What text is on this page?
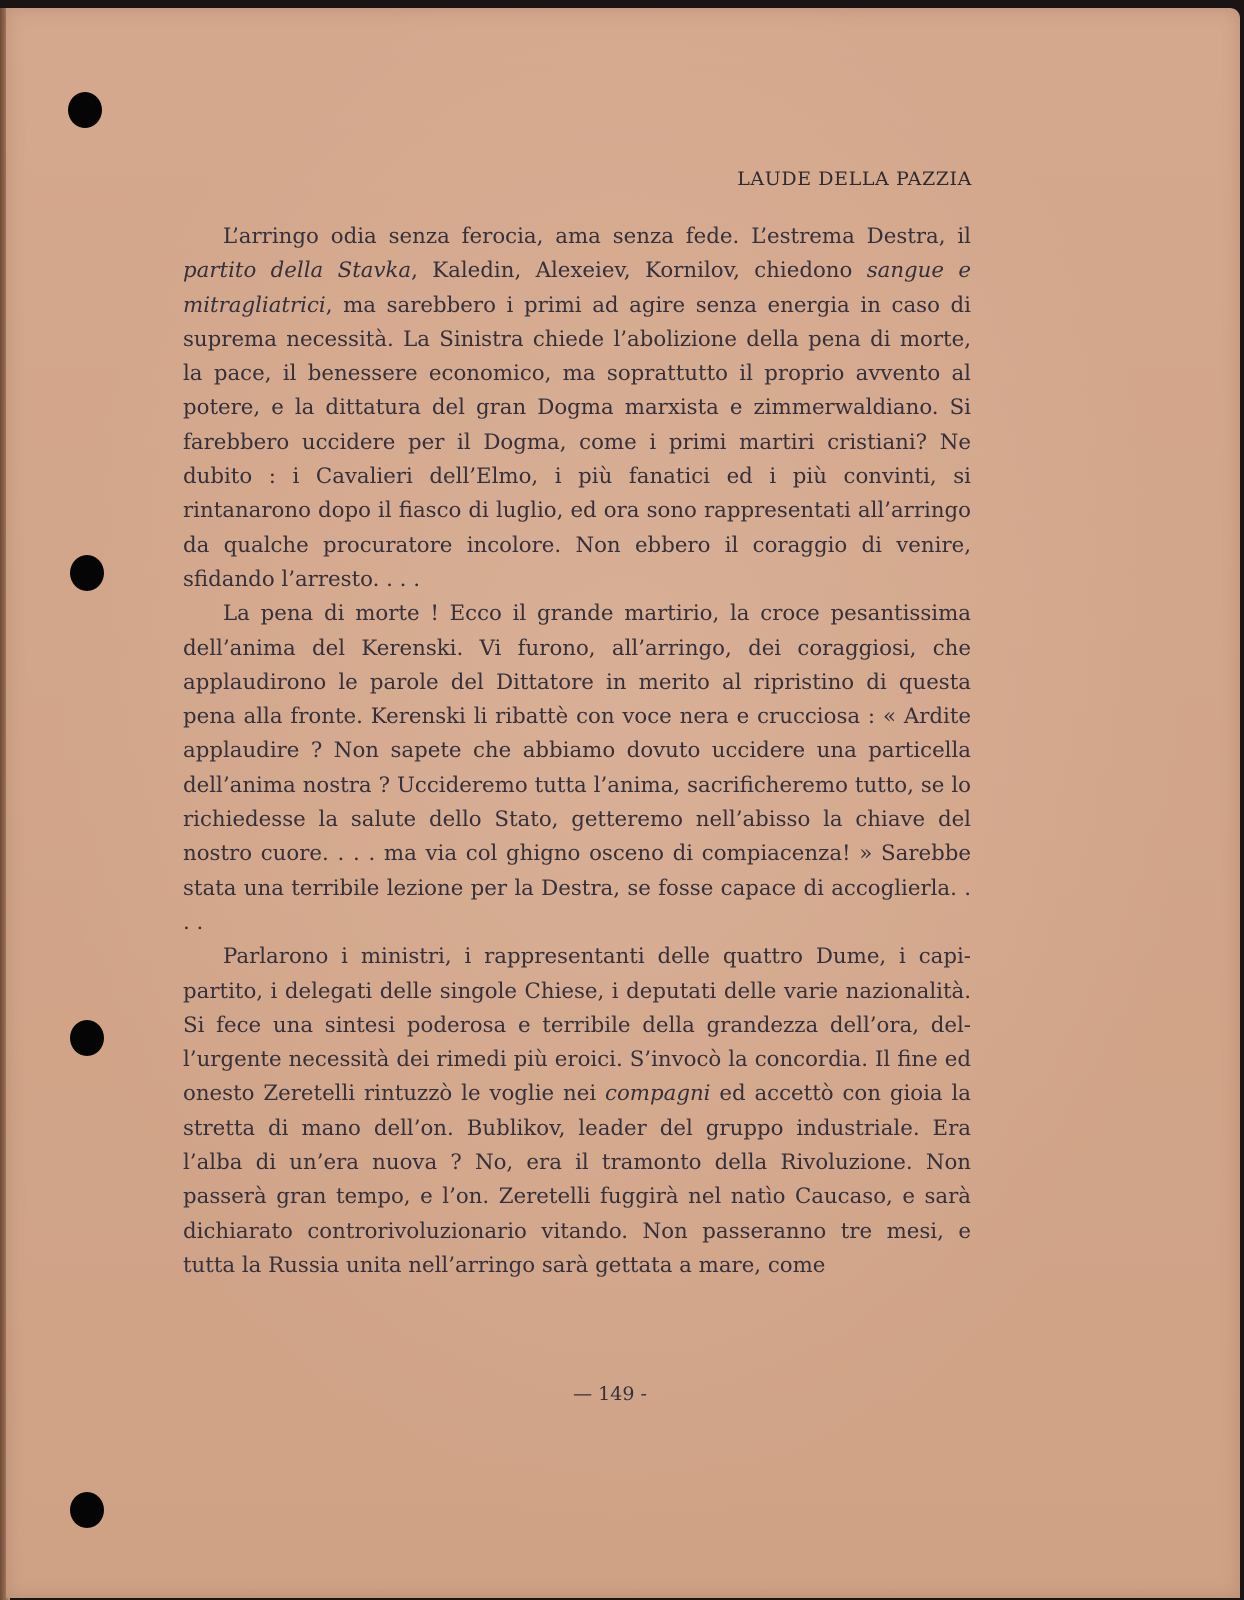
LAUDE DELLA PAZZIA

L’arringo odia senza ferocia, ama senza fede. L’estrema Destra, il partito della Stavka, Kaledin, Alexeiev, Kornilov, chiedono sangue e mitragliatrici, ma sarebbero i primi ad agire senza energia in caso di suprema necessità. La Sinistra chiede l’abolizione della pena di morte, la pace, il benessere economico, ma soprattutto il proprio avvento al potere, e la dittatura del gran Dogma marxista e zimmerwaldiano. Si farebbero uccidere per il Dogma, come i primi martiri cristiani? Ne dubito : i Cavalieri dell’Elmo, i più fanatici ed i più convinti, si rintanarono dopo il fiasco di luglio, ed ora sono rappresentati all’arringo da qualche procuratore incolore. Non ebbero il coraggio di venire, sfidando l’arresto. . . .

La pena di morte ! Ecco il grande martirio, la croce pesantissima dell’anima del Kerenski. Vi furono, all’arringo, dei coraggiosi, che applaudirono le parole del Dittatore in merito al ripristino di questa pena alla fronte. Kerenski li ribattè con voce nera e crucciosa : « Ardite applaudire ? Non sapete che abbiamo dovuto uccidere una particella dell’anima nostra ? Uccideremo tutta l’anima, sacrificheremo tutto, se lo richiedesse la salute dello Stato, getteremo nell’abisso la chiave del nostro cuore. . . . ma via col ghigno osceno di compiacenza! » Sarebbe stata una terribile lezione per la Destra, se fosse capace di accoglierla. . . .

Parlarono i ministri, i rappresentanti delle quattro Dume, i capipartito, i delegati delle singole Chiese, i deputati delle varie nazionalità. Si fece una sintesi poderosa e terribile della grandezza dell’ora, dell’urgente necessità dei rimedi più eroici. S’invocò la concordia. Il fine ed onesto Zeretelli rintuzzò le voglie nei compagni ed accettò con gioia la stretta di mano dell’on. Bublikov, leader del gruppo industriale. Era l’alba di un’era nuova ? No, era il tramonto della Rivoluzione. Non passerà gran tempo, e l’on. Zeretelli fuggirà nel natìo Caucaso, e sarà dichiarato controrivoluzionario vitando. Non passeranno tre mesi, e tutta la Russia unita nell’arringo sarà gettata a mare, come

— 149 -
